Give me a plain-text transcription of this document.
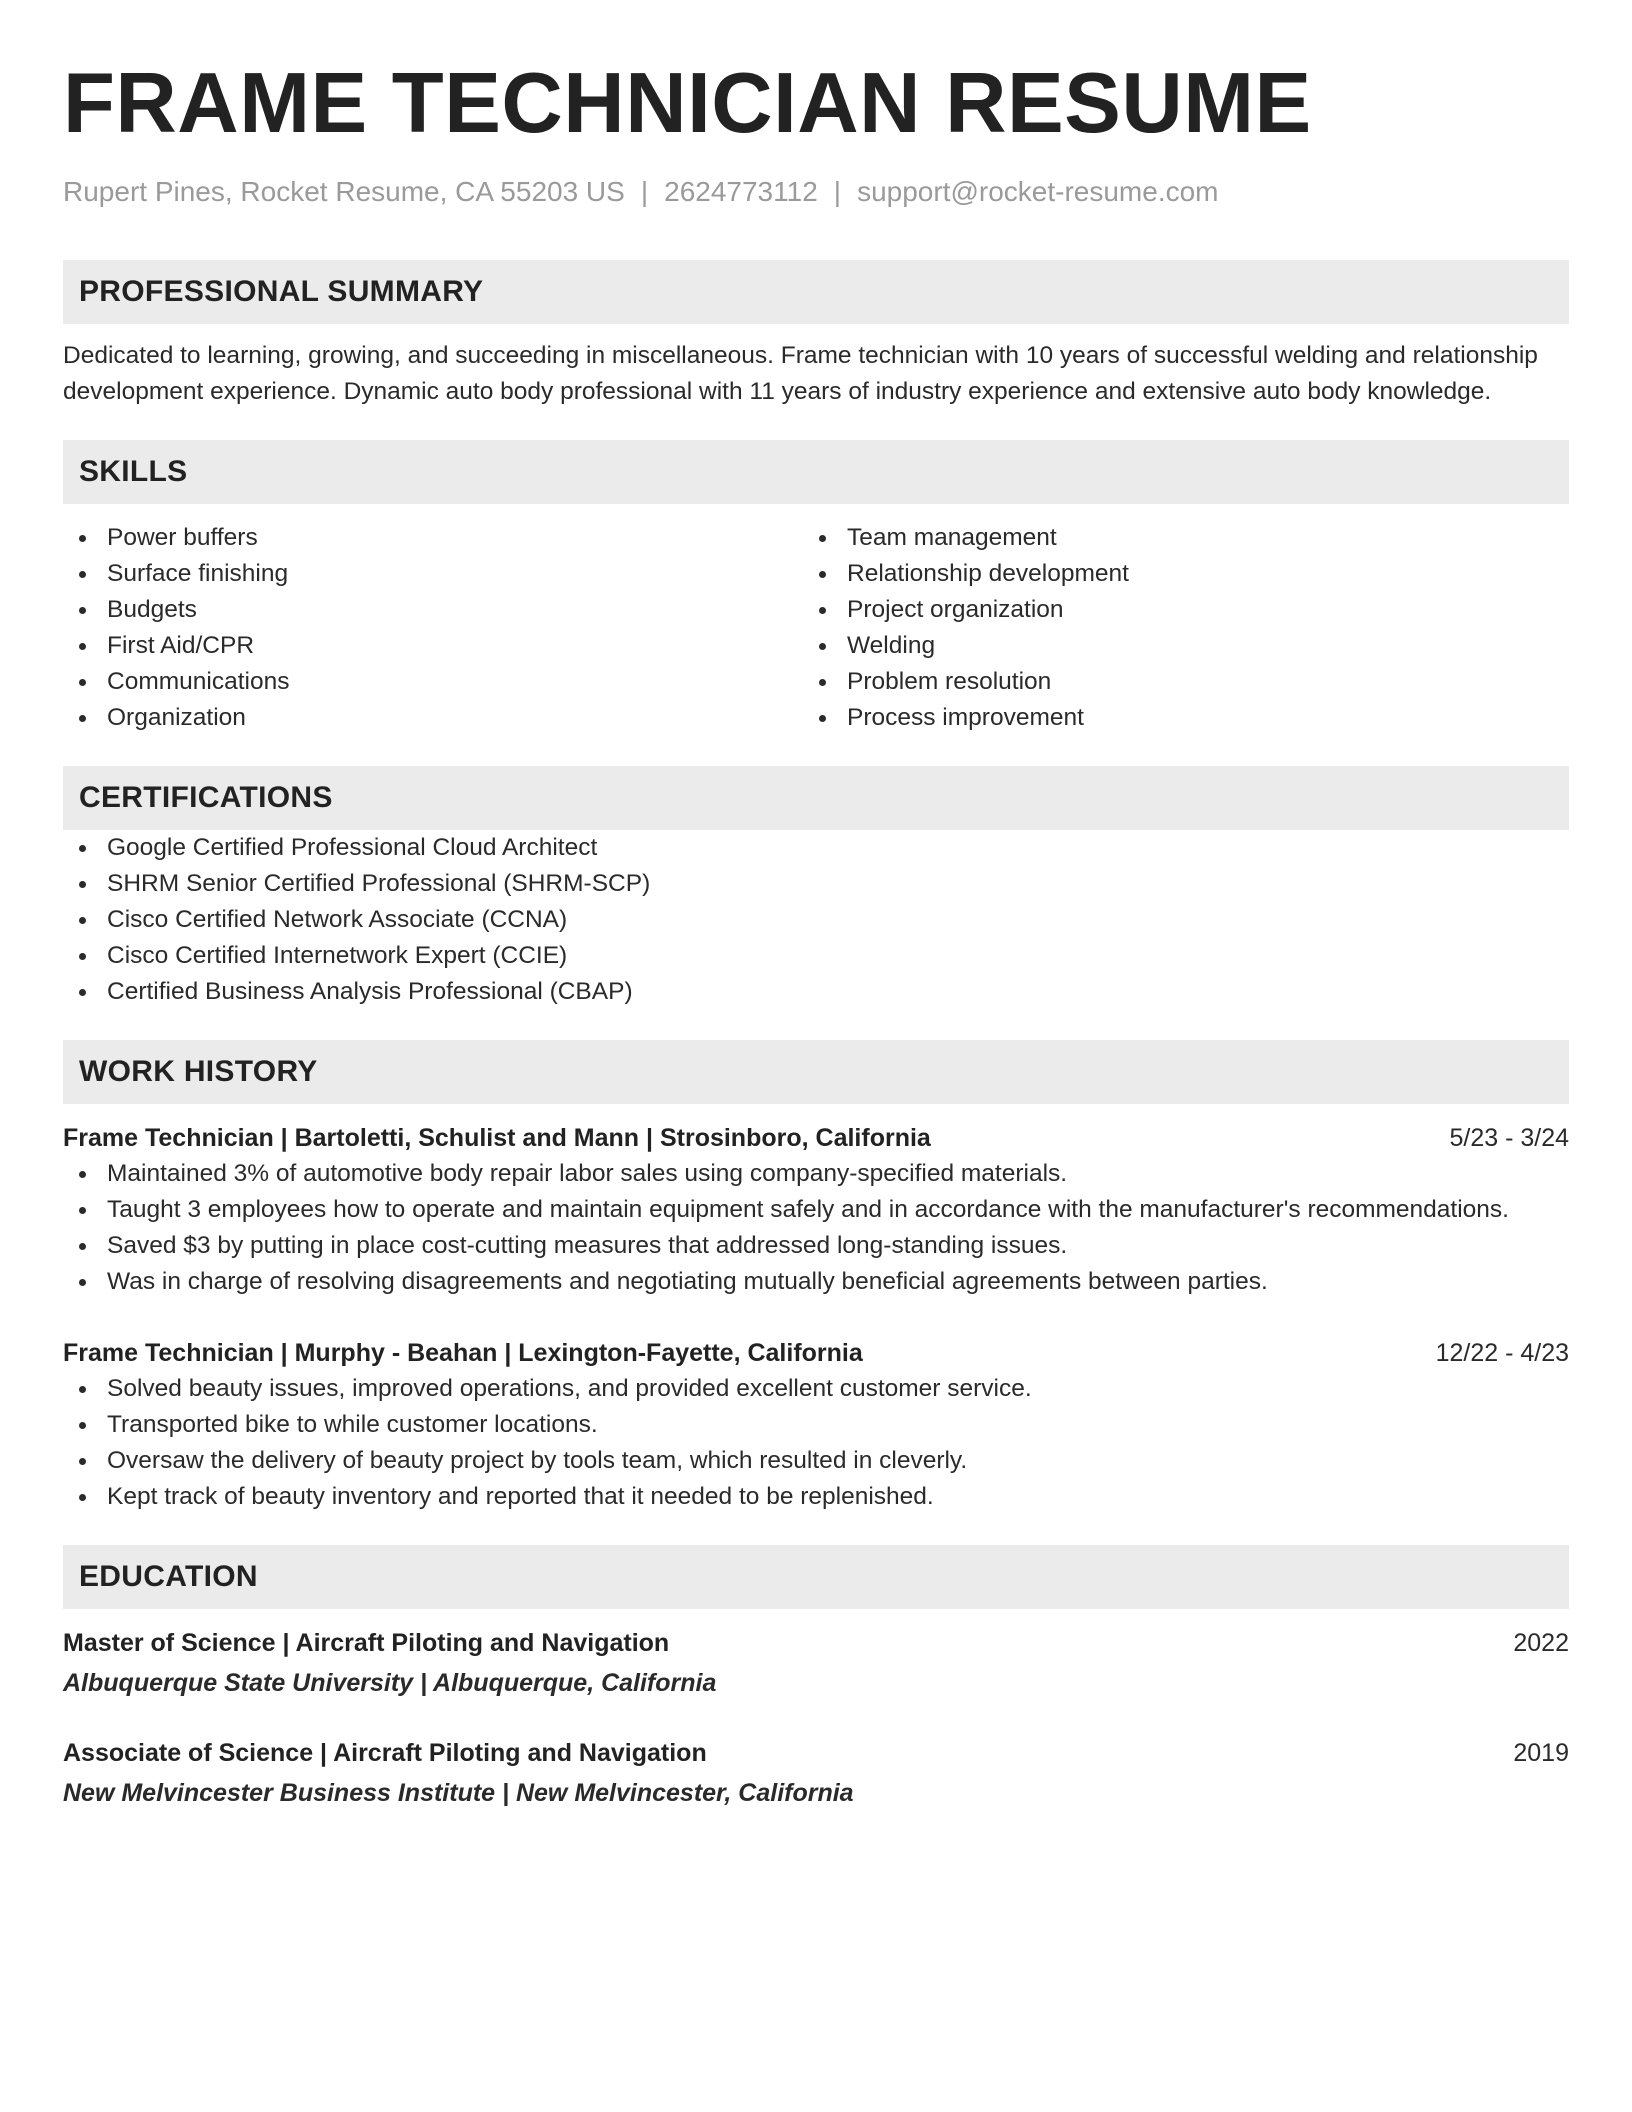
FRAME TECHNICIAN RESUME
Rupert Pines, Rocket Resume, CA 55203 US | 2624773112 | support@rocket-resume.com
PROFESSIONAL SUMMARY
Dedicated to learning, growing, and succeeding in miscellaneous. Frame technician with 10 years of successful welding and relationship development experience. Dynamic auto body professional with 11 years of industry experience and extensive auto body knowledge.
SKILLS
Power buffers
Surface finishing
Budgets
First Aid/CPR
Communications
Organization
Team management
Relationship development
Project organization
Welding
Problem resolution
Process improvement
CERTIFICATIONS
Google Certified Professional Cloud Architect
SHRM Senior Certified Professional (SHRM-SCP)
Cisco Certified Network Associate (CCNA)
Cisco Certified Internetwork Expert (CCIE)
Certified Business Analysis Professional (CBAP)
WORK HISTORY
Frame Technician | Bartoletti, Schulist and Mann | Strosinboro, California	5/23 - 3/24
Maintained 3% of automotive body repair labor sales using company-specified materials.
Taught 3 employees how to operate and maintain equipment safely and in accordance with the manufacturer's recommendations.
Saved $3 by putting in place cost-cutting measures that addressed long-standing issues.
Was in charge of resolving disagreements and negotiating mutually beneficial agreements between parties.
Frame Technician | Murphy - Beahan | Lexington-Fayette, California	12/22 - 4/23
Solved beauty issues, improved operations, and provided excellent customer service.
Transported bike to while customer locations.
Oversaw the delivery of beauty project by tools team, which resulted in cleverly.
Kept track of beauty inventory and reported that it needed to be replenished.
EDUCATION
Master of Science | Aircraft Piloting and Navigation	2022
Albuquerque State University | Albuquerque, California
Associate of Science | Aircraft Piloting and Navigation	2019
New Melvincester Business Institute | New Melvincester, California
